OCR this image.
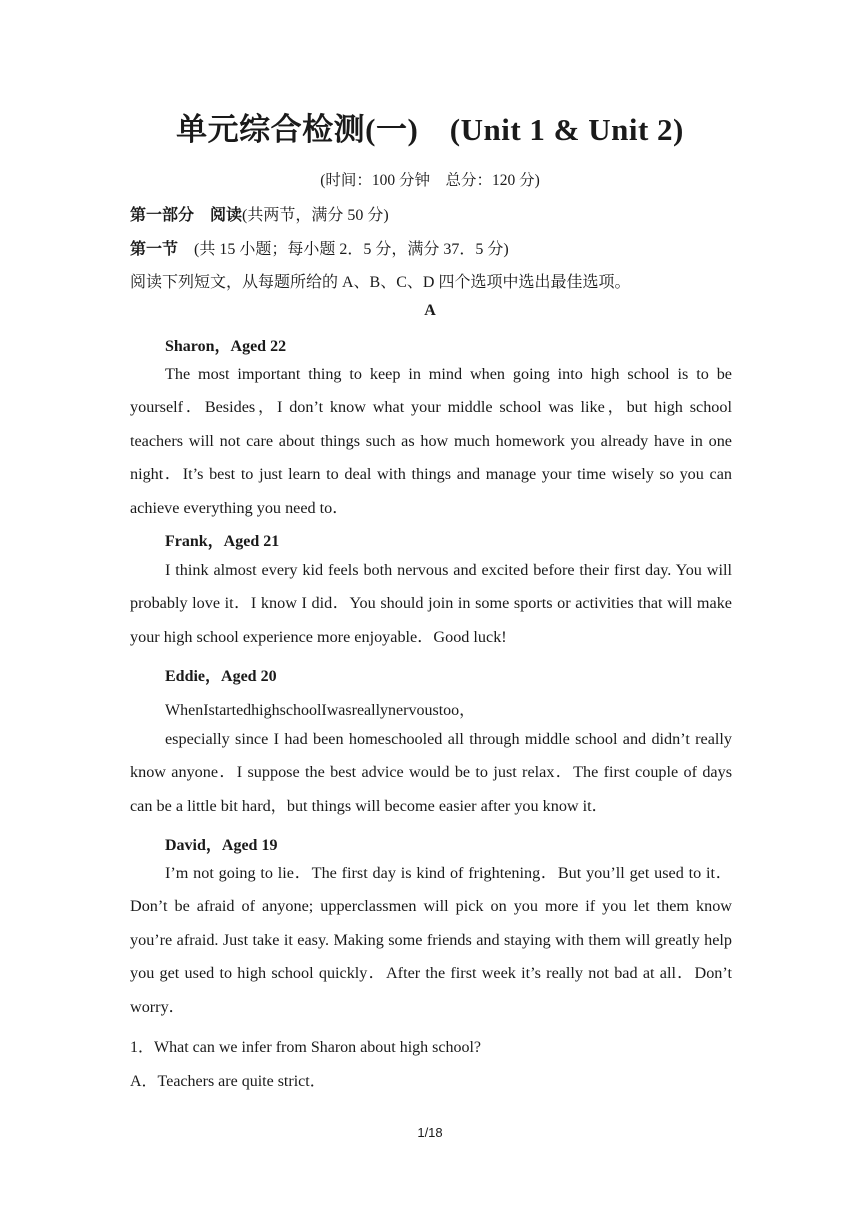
单元综合检测(一)　(Unit 1 & Unit 2)
(时间：100 分钟　总分：120 分)
第一部分　阅读(共两节，满分 50 分)
第一节　 (共 15 小题；每小题 2．5 分，满分 37．5 分)
阅读下列短文，从每题所给的 A、B、C、D 四个选项中选出最佳选项。
A
Sharon，Aged 22
The most important thing to keep in mind when going into high school is to be yourself．Besides，I don’t know what your middle school was like，but high school teachers will not care about things such as how much homework you already have in one night．It’s best to just learn to deal with things and manage your time wisely so you can achieve everything you need to．
Frank，Aged 21
I think almost every kid feels both nervous and excited before their first day. You will probably love it．I know I did．You should join in some sports or activities that will make your high school experience more enjoyable．Good luck!
Eddie，Aged 20
WhenIstartedhighschoolIwasreallynervoustoo，
especially since I had been homeschooled all through middle school and didn’t really know anyone．I suppose the best advice would be to just relax．The first couple of days can be a little bit hard，but things will become easier after you know it．
David，Aged 19
I’m not going to lie．The first day is kind of frightening．But you’ll get used to it．Don’t be afraid of anyone; upperclassmen will pick on you more if you let them know you’re afraid. Just take it easy. Making some friends and staying with them will greatly help you get used to high school quickly．After the first week it’s really not bad at all．Don’t worry．
1．What can we infer from Sharon about high school?
A．Teachers are quite strict．
1/18
